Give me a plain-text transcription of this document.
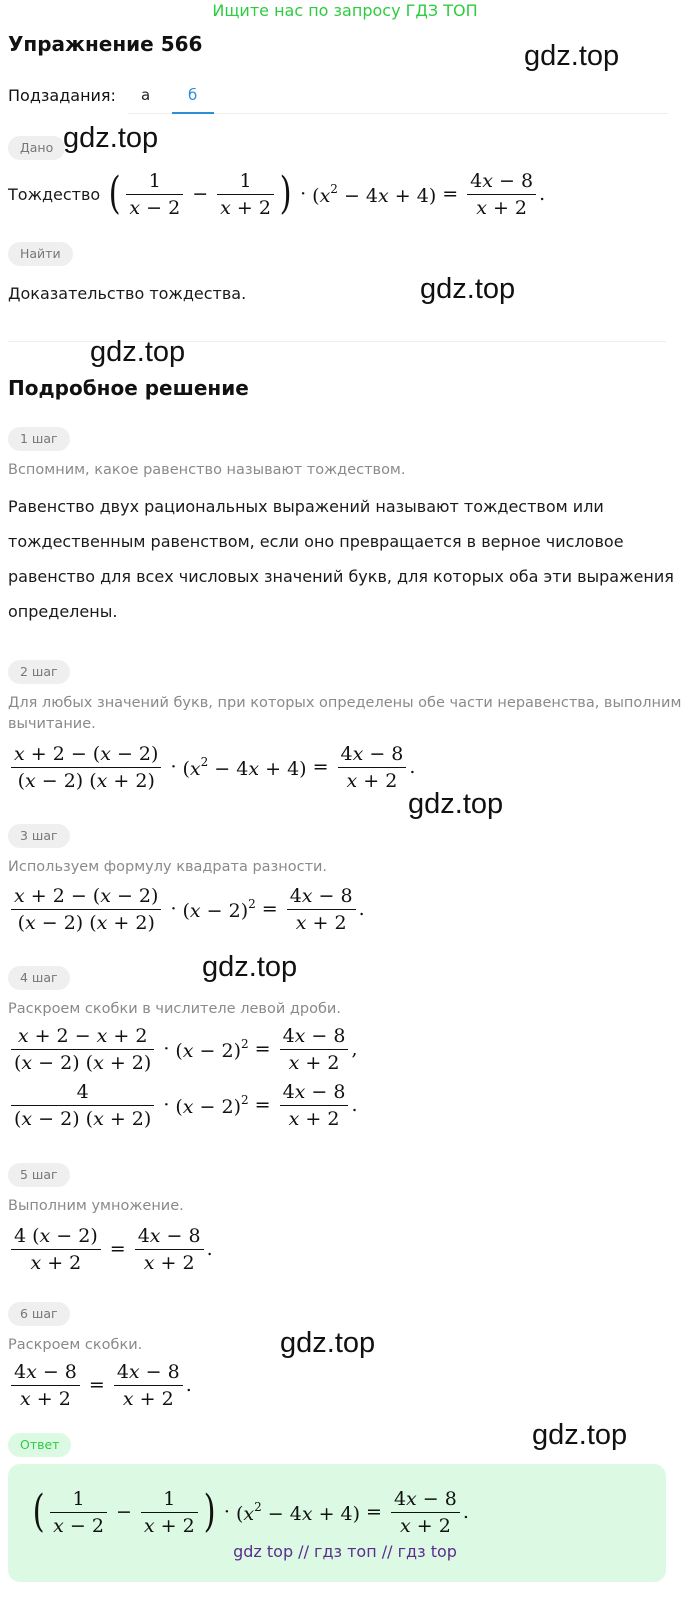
Ищите нас по запросу ГДЗ ТОП
Упражнение 566	gdz.top
Подзадания: а	б
Дано gdz.top
Тождество ( $\frac{1}{x - 2} - \frac{1}{x + 2}$ ) · $(x^2 - 4x + 4) = \frac{4x - 8}{x + 2}$ .
Найти
Доказательство тождества.	gdz.top
gdz.top
Подробное решение
1 шаг
Вспомним, какое равенство называют тождеством.
Равенство двух рациональных выражений называют тождеством или
тождественным равенством, если оно превращается в верное числовое
равенство для всех числовых значений букв, для которых оба эти выражения
определены.
2 шаг
Для любых значений букв, при которых определены обе части неравенства, выполним
вычитание.
$\frac{x + 2 - (x - 2)}{(x - 2) (x + 2)} \cdot (x^2 - 4x + 4) = \frac{4x - 8}{x + 2}$ .
gdz.top
3 шаг
Используем формулу квадрата разности.
$\frac{x + 2 - (x - 2)}{(x - 2) (x + 2)} \cdot (x - 2)^2 = \frac{4x - 8}{x + 2}$ .
4 шаг	gdz.top
Раскроем скобки в числителе левой дроби.
$\frac{x + 2 - x + 2}{(x - 2) (x + 2)} \cdot (x - 2)^2 = \frac{4x - 8}{x + 2}$ ,
$\frac{4}{(x - 2) (x + 2)} \cdot (x - 2)^2 = \frac{4x - 8}{x + 2}$ .
5 шаг
Выполним умножение.
$\frac{4 (x - 2)}{x + 2} = \frac{4x - 8}{x + 2}$ .
6 шаг
gdz.top
Раскроем скобки.
$\frac{4x - 8}{x + 2} = \frac{4x - 8}{x + 2}$ .
Ответ	gdz.top
( $\frac{1}{x - 2} - \frac{1}{x + 2}$ ) · $(x^2 - 4x + 4) = \frac{4x - 8}{x + 2}$ .
gdz top // гдз топ // гдз top
